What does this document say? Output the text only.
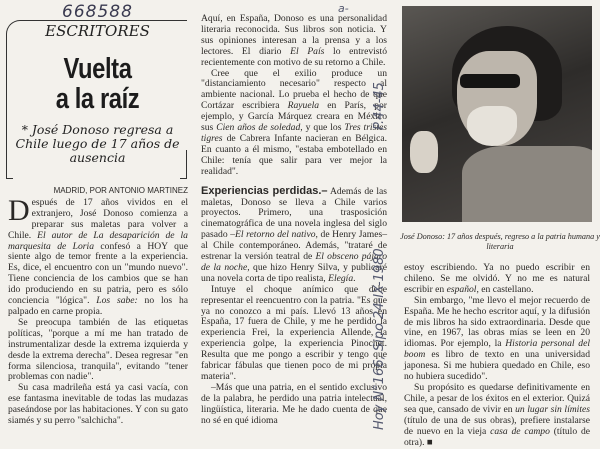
668588
ESCRITORES
Vuelta
a la raíz
* José Donoso regresa a Chile luego de 17 años de ausencia
MADRID, POR ANTONIO MARTINEZ

Después de 17 años vividos en el extranjero, José Donoso comienza a preparar sus maletas para volver a Chile. El autor de La desaparición de la marquesita de Loria confesó a HOY que siente algo de temor frente a la experiencia. Es, dice, el encuentro con un "mundo nuevo". Tiene conciencia de los cambios que se han ido produciendo en su patria, pero es sólo conciencia "lógica". Los sabe: no los ha palpado en carne propia.

Se preocupa también de las etiquetas políticas, "porque a mí me han tratado de instrumentalizar desde la extrema izquierda y desde la extrema derecha". Desea regresar "en forma silenciosa, tranquila", evitando "tener problemas con nadie".

Su casa madrileña está ya casi vacía, con ese fantasma inevitable de todas las mudazas paseándose por las habitaciones. Y con su gato siamés y su perro "salchicha".

Aquí, en España, Donoso es una personalidad literaria reconocida. Sus libros son noticia. Y sus opiniones interesan a la prensa y a los lectores. El diario El País lo entrevistó recientemente con motivo de su retorno a Chile.

Cree que el exilio produce un "distanciamiento necesario" respecto al ambiente nacional. Lo prueba el hecho de que Cortázar escribiera Rayuela en París, por ejemplo, y García Márquez creara en México sus Cien años de soledad, y que los Tres tristes tigres de Cabrera Infante nacieran en Bélgica. En cuanto a él mismo, "estaba embotellado en Chile: tenía que salir para ver mejor la realidad".

Experiencias perdidas.– Además de las maletas, Donoso se lleva a Chile varios proyectos. Primero, una trasposición cinematográfica de una novela inglesa del siglo pasado –El retorno del nativo, de Henry James– al Chile contemporáneo. Además, "trataré de estrenar la versión teatral de El obsceno pájaro de la noche, que hizo Henry Silva, y publicaré una novela corta de tipo realista, Elegía.

Intuye el choque anímico que debe representar el reencuentro con la patria. "Es que ya no conozco a mi país. Llevó 13 años en España, 17 fuera de Chile, y me he perdido la experiencia Frei, la experiencia Allende, la experiencia golpe, la experiencia Pinochet. Resulta que me pongo a escribir y tengo que fabricar fábulas que tienen poco de mi propia materia".

–Más que una patria, en el sentido exclusivo de la palabra, he perdido una patria intelectual, lingüística, literaria. Me he dado cuenta de que no sé en qué idioma

José Donoso: 17 años después, regreso a la patria humana y literaria

estoy escribiendo. Ya no puedo escribir en chileno. Se me olvidó. Y no me es natural escribir en español, en castellano.

Sin embargo, "me llevo el mejor recuerdo de España. Me he hecho escritor aquí, y la difusión de mis libros ha sido extraordinaria. Desde que vine, en 1967, las obras mías se leen en 20 idiomas. Por ejemplo, la Historia personal del boom es libro de texto en una universidad japonesa. Si me hubiera quedado en Chile, eso no hubiera sucedido".

Su propósito es quedarse definitivamente en Chile, a pesar de los éxitos en el exterior. Quizá sea que, cansado de vivir en un lugar sin límites (título de una de sus obras), prefiere instalarse de nuevo en la vieja casa de campo (título de otra). ■

a-
P.44-45
Hoy N°166, Sipo 24-IX-1980
